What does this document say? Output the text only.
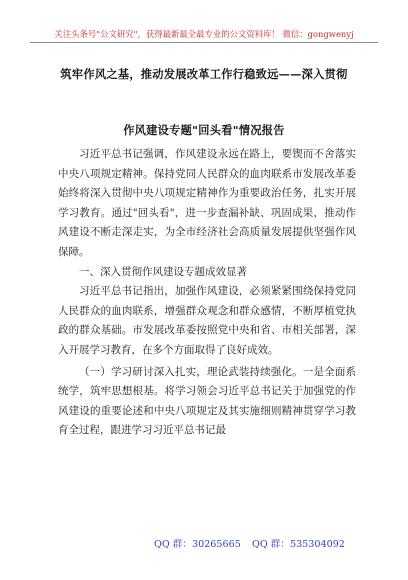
关注头条号"公文研究"，获得最新最全最专业的公文资料库！ 微信：gongwenyj
筑牢作风之基，推动发展改革工作行稳致远——深入贯彻
作风建设专题"回头看"情况报告

习近平总书记强调，作风建设永远在路上，要锲而不舍落实中央八项规定精神。保持党同人民群众的血肉联系市发展改革委始终将深入贯彻中央八项规定精神作为重要政治任务，扎实开展学习教育。通过"回头看"，进一步查漏补缺、巩固成果，推动作风建设不断走深走实，为全市经济社会高质量发展提供坚强作风保障。

一、深入贯彻作风建设专题成效显著

习近平总书记指出，加强作风建设，必须紧紧围绕保持党同人民群众的血肉联系，增强群众观念和群众感情，不断厚植党执政的群众基础。市发展改革委按照党中央和省、市相关部署，深入开展学习教育，在多个方面取得了良好成效。

（一）学习研讨深入扎实，理论武装持续强化。一是全面系统学，筑牢思想根基。将学习领会习近平总书记关于加强党的作风建设的重要论述和中央八项规定及其实施细则精神贯穿学习教育全过程，跟进学习习近平总书记最

QQ 群：30265665 QQ 群：535304092
